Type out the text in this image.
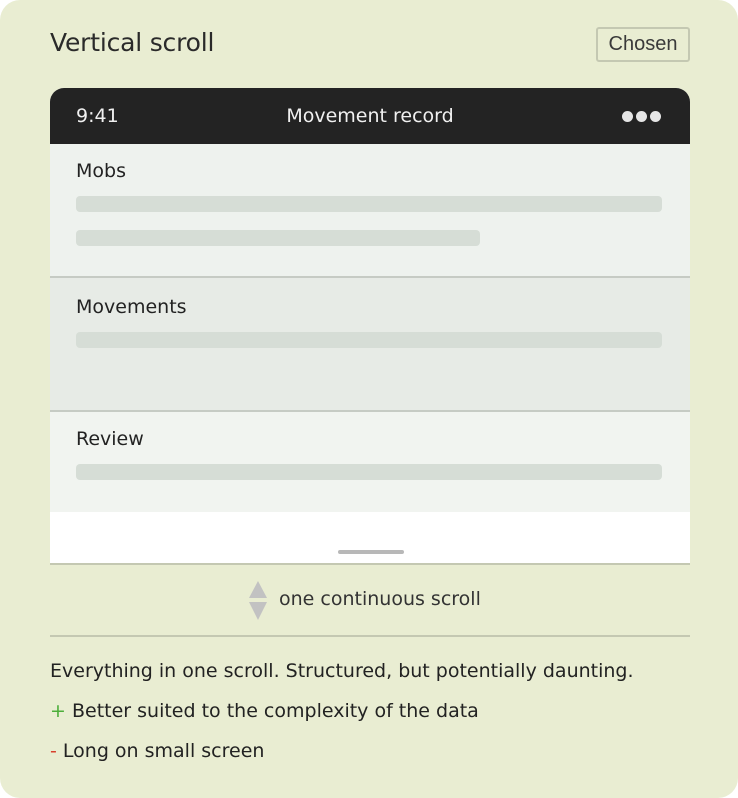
Vertical scroll	Chosen
9:41	Movement record
Mobs
Movements
Review
one continuous scroll
Everything in one scroll. Structured, but potentially daunting.
+ Better suited to the complexity of the data
- Long on small screen
